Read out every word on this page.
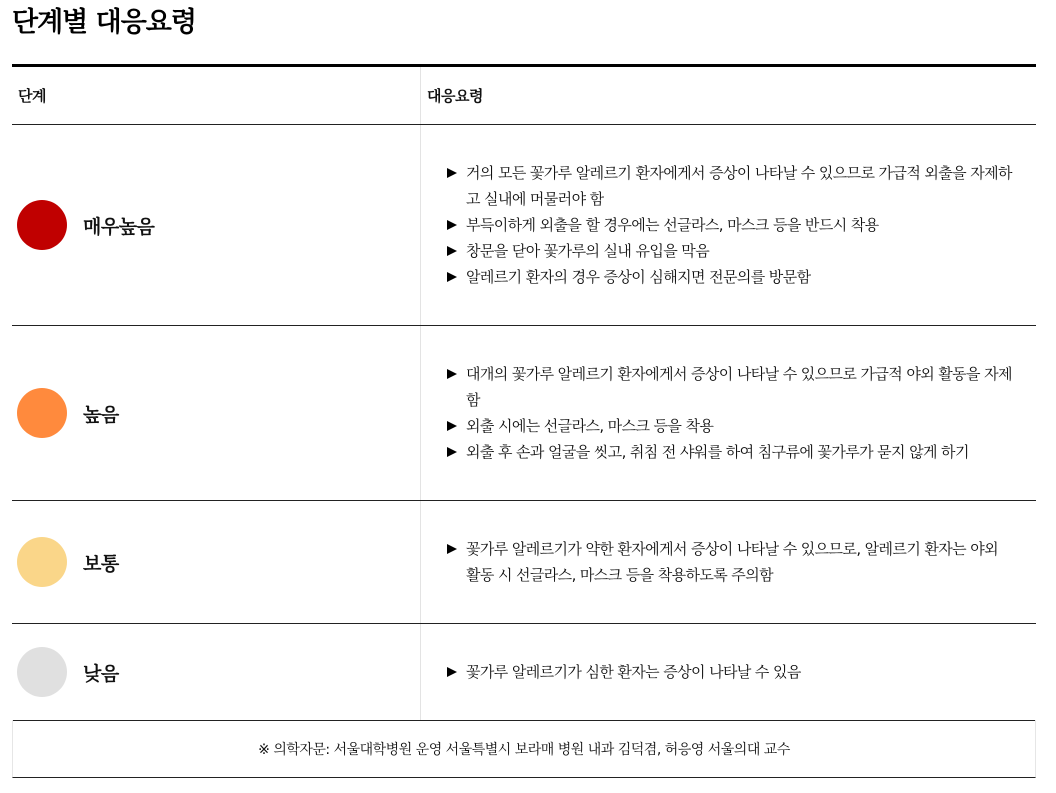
단계별 대응요령
단계	대응요령
매우높음
거의 모든 꽃가루 알레르기 환자에게서 증상이 나타날 수 있으므로 가급적 외출을 자제하고 실내에 머물러야 함
부득이하게 외출을 할 경우에는 선글라스, 마스크 등을 반드시 착용
창문을 닫아 꽃가루의 실내 유입을 막음
알레르기 환자의 경우 증상이 심해지면 전문의를 방문함
높음
대개의 꽃가루 알레르기 환자에게서 증상이 나타날 수 있으므로 가급적 야외 활동을 자제함
외출 시에는 선글라스, 마스크 등을 착용
외출 후 손과 얼굴을 씻고, 취침 전 샤워를 하여 침구류에 꽃가루가 묻지 않게 하기
보통
꽃가루 알레르기가 약한 환자에게서 증상이 나타날 수 있으므로, 알레르기 환자는 야외 활동 시 선글라스, 마스크 등을 착용하도록 주의함
낮음	꽃가루 알레르기가 심한 환자는 증상이 나타날 수 있음
※ 의학자문: 서울대학병원 운영 서울특별시 보라매 병원 내과 김덕겸, 허응영 서울의대 교수
